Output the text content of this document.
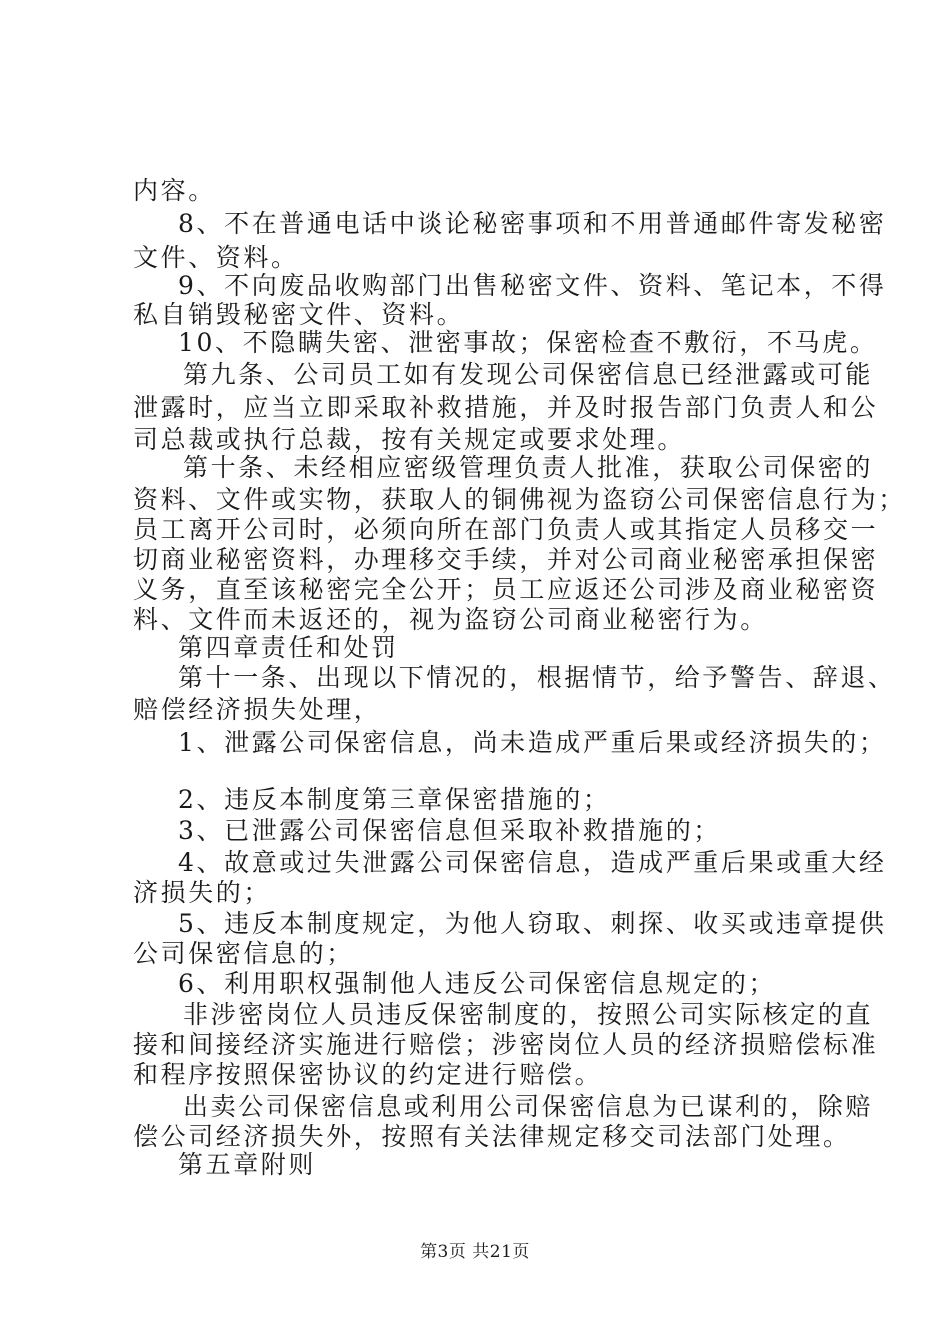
内容。
8、不在普通电话中谈论秘密事项和不用普通邮件寄发秘密
文件、资料。
9、不向废品收购部门出售秘密文件、资料、笔记本，不得
私自销毁秘密文件、资料。
10、不隐瞒失密、泄密事故；保密检查不敷衍，不马虎。
第九条、公司员工如有发现公司保密信息已经泄露或可能
泄露时，应当立即采取补救措施，并及时报告部门负责人和公
司总裁或执行总裁，按有关规定或要求处理。
第十条、未经相应密级管理负责人批准，获取公司保密的
资料、文件或实物，获取人的铜佛视为盗窃公司保密信息行为；
员工离开公司时，必须向所在部门负责人或其指定人员移交一
切商业秘密资料，办理移交手续，并对公司商业秘密承担保密
义务，直至该秘密完全公开；员工应返还公司涉及商业秘密资
料、文件而未返还的，视为盗窃公司商业秘密行为。
第四章责任和处罚
第十一条、出现以下情况的，根据情节，给予警告、辞退、
赔偿经济损失处理，
1、泄露公司保密信息，尚未造成严重后果或经济损失的；
2、违反本制度第三章保密措施的；
3、已泄露公司保密信息但采取补救措施的；
4、故意或过失泄露公司保密信息，造成严重后果或重大经
济损失的；
5、违反本制度规定，为他人窃取、刺探、收买或违章提供
公司保密信息的；
6、利用职权强制他人违反公司保密信息规定的；
非涉密岗位人员违反保密制度的，按照公司实际核定的直
接和间接经济实施进行赔偿；涉密岗位人员的经济损赔偿标准
和程序按照保密协议的约定进行赔偿。
出卖公司保密信息或利用公司保密信息为已谋利的，除赔
偿公司经济损失外，按照有关法律规定移交司法部门处理。
第五章附则
第3页 共21页
